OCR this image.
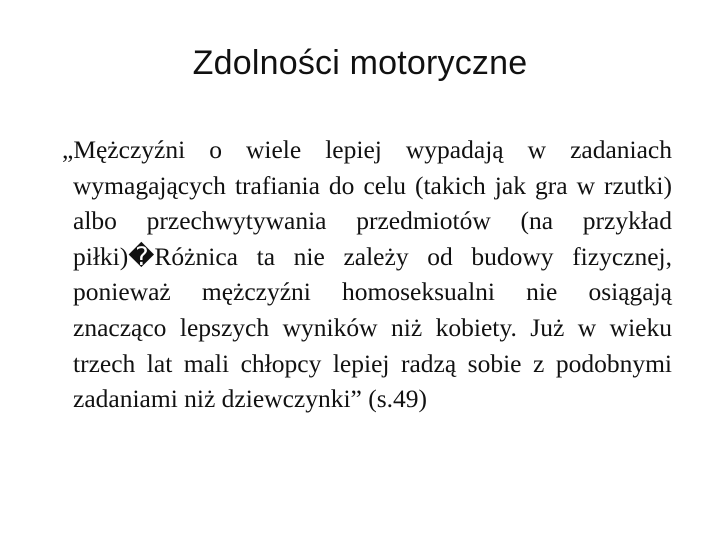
Zdolności motoryczne
„Mężczyźni o wiele lepiej wypadają w zadaniach wymagających trafiania do celu (takich jak gra w rzutki) albo przechwytywania przedmiotów (na przykład piłki)�Różnica ta nie zależy od budowy fizycznej, ponieważ mężczyźni homoseksualni nie osiągają znacząco lepszych wyników niż kobiety. Już w wieku trzech lat mali chłopcy lepiej radzą sobie z podobnymi zadaniami niż dziewczynki” (s.49)
